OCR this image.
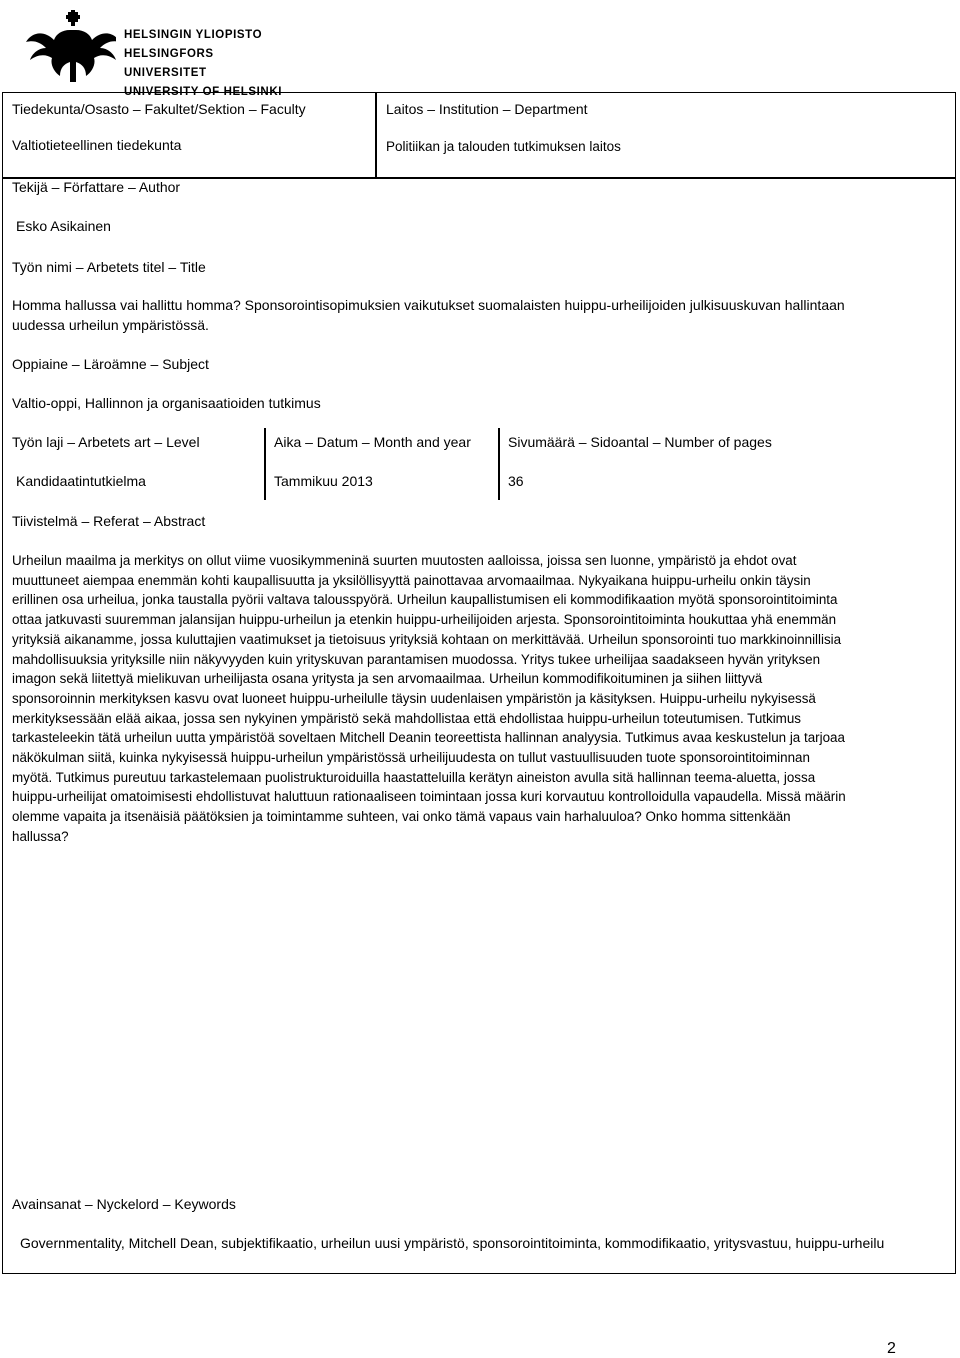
HELSINGIN YLIOPISTO
HELSINGFORS UNIVERSITET
UNIVERSITY OF HELSINKI
Tiedekunta/Osasto – Fakultet/Sektion – Faculty
Valtiotieteellinen tiedekunta
Laitos – Institution – Department
Politiikan ja talouden tutkimuksen laitos
Tekijä – Författare – Author
Esko Asikainen
Työn nimi – Arbetets titel – Title
Homma hallussa vai hallittu homma? Sponsorointisopimuksien vaikutukset suomalaisten huippu-urheilijoiden julkisuuskuvan hallintaan
uudessa urheilun ympäristössä.
Oppiaine – Läroämne – Subject
Valtio-oppi, Hallinnon ja organisaatioiden tutkimus
Työn laji – Arbetets art – Level
Kandidaatintutkielma
Aika – Datum – Month and year
Tammikuu 2013
Sivumäärä – Sidoantal – Number of pages
36
Tiivistelmä – Referat – Abstract
Urheilun maailma ja merkitys on ollut viime vuosikymmeninä suurten muutosten aalloissa, joissa sen luonne, ympäristö ja ehdot ovat
muuttuneet aiempaa enemmän kohti kaupallisuutta ja yksilöllisyyttä painottavaa arvomaailmaa. Nykyaikana huippu-urheilu onkin täysin
erillinen osa urheilua, jonka taustalla pyörii valtava talousspyörä. Urheilun kaupallistumisen eli kommodifikaation myötä sponsorointitoiminta
ottaa jatkuvasti suuremman jalansijan huippu-urheilun ja etenkin huippu-urheilijoiden arjesta. Sponsorointitoiminta houkuttaa yhä enemmän
yrityksiä aikanamme, jossa kuluttajien vaatimukset ja tietoisuus yrityksiä kohtaan on merkittävää. Urheilun sponsorointi tuo markkinoinnillisia
mahdollisuuksia yrityksille niin näkyvyyden kuin yrityskuvan parantamisen muodossa. Yritys tukee urheilijaa saadakseen hyvän yrityksen
imagon sekä liitettyä mielikuvan urheilijasta osana yritysta ja sen arvomaailmaa. Urheilun kommodifikoituminen ja siihen liittyvä
sponsoroinnin merkityksen kasvu ovat luoneet huippu-urheilulle täysin uudenlaisen ympäristön ja käsityksen. Huippu-urheilu nykyisessä
merkityksessään elää aikaa, jossa sen nykyinen ympäristö sekä mahdollistaa että ehdollistaa huippu-urheilun toteutumisen. Tutkimus
tarkasteleekin tätä urheilun uutta ympäristöä soveltaen Mitchell Deanin teoreettista hallinnan analyysia. Tutkimus avaa keskustelun ja tarjoaa
näkökulman siitä, kuinka nykyisessä huippu-urheilun ympäristössä urheilijuudesta on tullut vastuullisuuden tuote sponsorointitoiminnan
myötä. Tutkimus pureutuu tarkastelemaan puolistrukturoiduilla haastatteluilla kerätyn aineiston avulla sitä hallinnan teema-aluetta, jossa
huippu-urheilijat omatoimisesti ehdollistuvat haluttuun rationaaliseen toimintaan jossa kuri korvautuu kontrolloidulla vapaudella. Missä määrin
olemme vapaita ja itsenäisiä päätöksien ja toimintamme suhteen, vai onko tämä vapaus vain harhaluuloa? Onko homma sittenkään
hallussa?
Avainsanat – Nyckelord – Keywords
Governmentality, Mitchell Dean, subjektifikaatio, urheilun uusi ympäristö, sponsorointitoiminta, kommodifikaatio, yritysvastuu, huippu-urheilu
2
